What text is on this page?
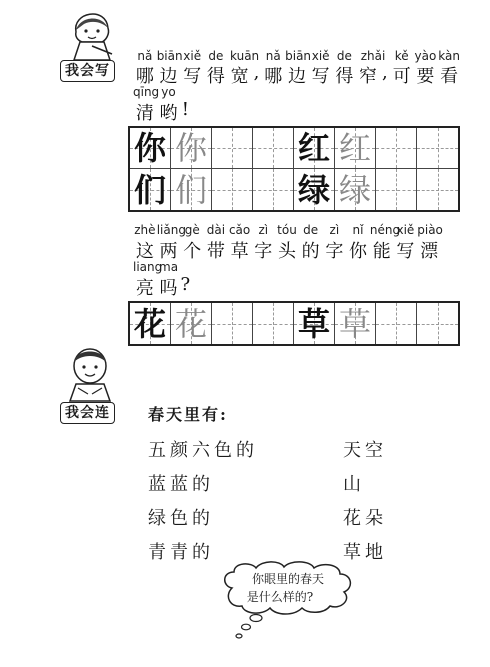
我会写
nǎ biān xiě de kuān nǎ biān xiě de zhǎi kě yào kàn
哪 边 写 得 宽 , 哪 边 写 得 窄 , 可 要 看
qīng yo
清 哟 !
你 你	红 红
们 们	绿 绿
zhè liǎng
gè dài cǎo zì tóu de zì	nǐ néng
xiě piào
这 两 个 带 草 字 头 的 字 你 能 写 漂
liang
ma
亮 吗 ?
花 花	草 草
我会连	春天里有:
五颜六色的
蓝蓝的
绿色的
青青的
天空
山
花朵
草地
你眼里的春天
是什么样的?
